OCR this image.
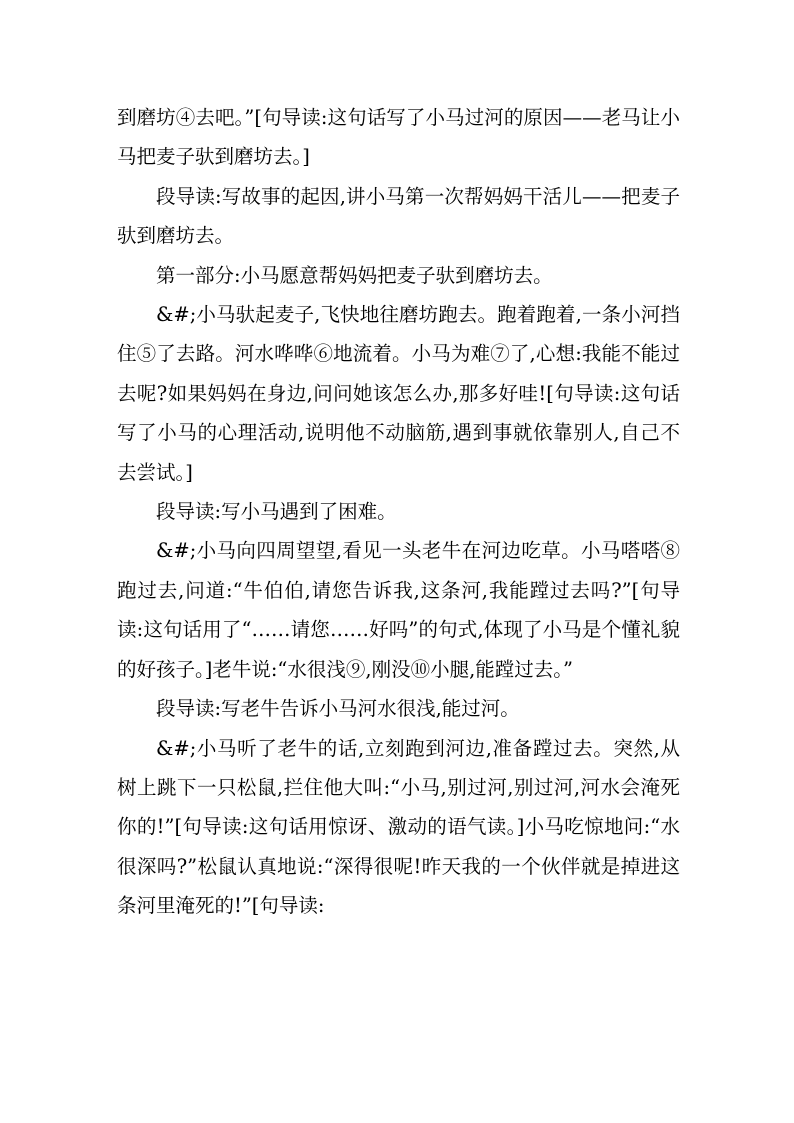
到磨坊④去吧。”[句导读:这句话写了小马过河的原因——老马让小马把麦子驮到磨坊去。]

段导读:写故事的起因,讲小马第一次帮妈妈干活儿——把麦子驮到磨坊去。

第一部分:小马愿意帮妈妈把麦子驮到磨坊去。

&#;小马驮起麦子,飞快地往磨坊跑去。跑着跑着,一条小河挡住⑤了去路。河水哗哗⑥地流着。小马为难⑦了,心想:我能不能过去呢?如果妈妈在身边,问问她该怎么办,那多好哇![句导读:这句话写了小马的心理活动,说明他不动脑筋,遇到事就依靠别人,自己不去尝试。]

段导读:写小马遇到了困难。

&#;小马向四周望望,看见一头老牛在河边吃草。小马嗒嗒⑧跑过去,问道:“牛伯伯,请您告诉我,这条河,我能蹚过去吗?”[句导读:这句话用了“……请您……好吗”的句式,体现了小马是个懂礼貌的好孩子。]老牛说:“水很浅⑨,刚没⑩小腿,能蹚过去。”

段导读:写老牛告诉小马河水很浅,能过河。

&#;小马听了老牛的话,立刻跑到河边,准备蹚过去。突然,从树上跳下一只松鼠,拦住他大叫:“小马,别过河,别过河,河水会淹死你的!”[句导读:这句话用惊讶、激动的语气读。]小马吃惊地问:“水很深吗?”松鼠认真地说:“深得很呢!昨天我的一个伙伴就是掉进这条河里淹死的!”[句导读:
